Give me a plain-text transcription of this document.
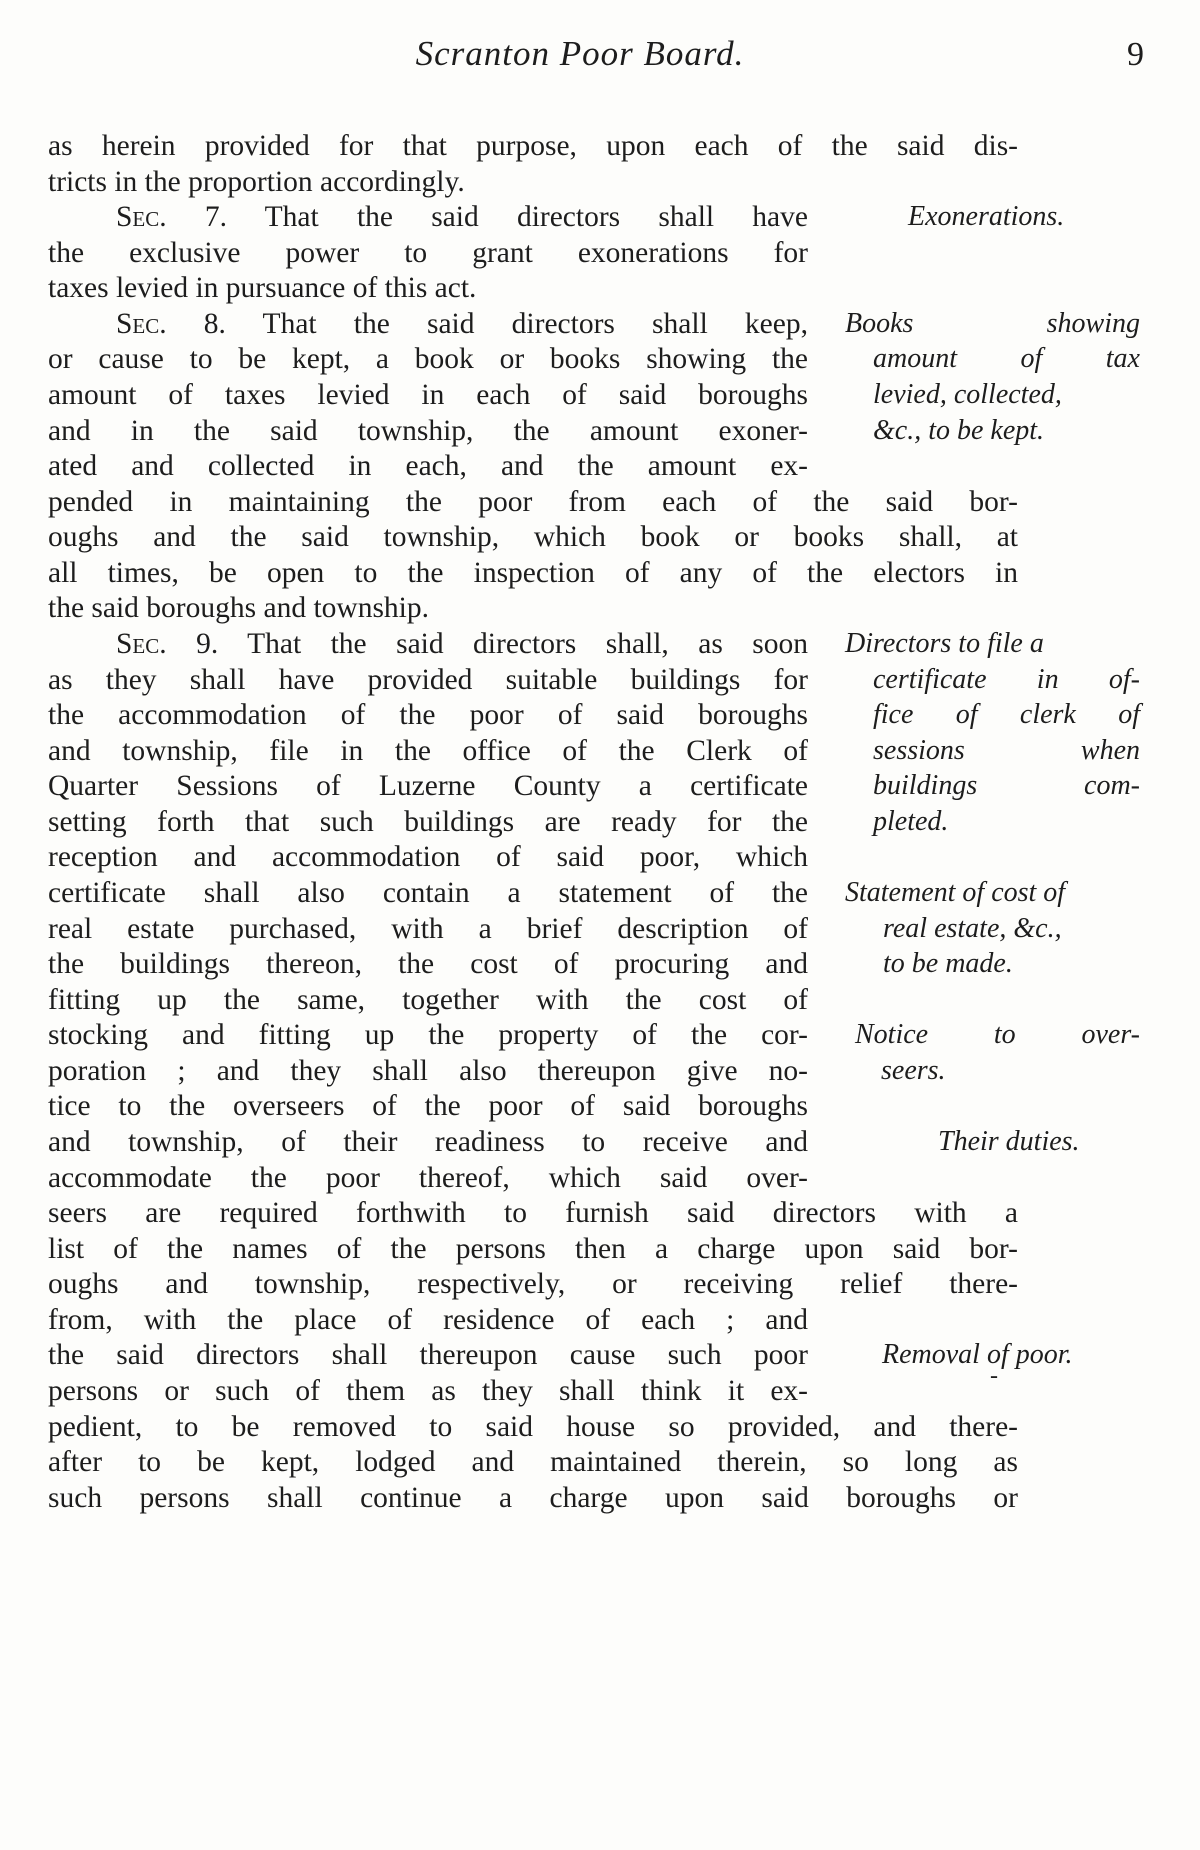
Scranton Poor Board.	9
as herein provided for that purpose, upon each of the said dis-
tricts in the proportion accordingly.
Sec. 7. That the said directors shall have
the exclusive power to grant exonerations for
taxes levied in pursuance of this act.
Sec. 8. That the said directors shall keep,
or cause to be kept, a book or books showing the
amount of taxes levied in each of said boroughs
and in the said township, the amount exoner-
ated and collected in each, and the amount ex-
pended in maintaining the poor from each of the said bor-
oughs and the said township, which book or books shall, at
all times, be open to the inspection of any of the electors in
the said boroughs and township.
Sec. 9. That the said directors shall, as soon
as they shall have provided suitable buildings for
the accommodation of the poor of said boroughs
and township, file in the office of the Clerk of
Quarter Sessions of Luzerne County a certificate
setting forth that such buildings are ready for the
reception and accommodation of said poor, which
certificate shall also contain a statement of the
real estate purchased, with a brief description of
the buildings thereon, the cost of procuring and
fitting up the same, together with the cost of
stocking and fitting up the property of the cor-
poration ; and they shall also thereupon give no-
tice to the overseers of the poor of said boroughs
and township, of their readiness to receive and
accommodate the poor thereof, which said over-
seers are required forthwith to furnish said directors with a
list of the names of the persons then a charge upon said bor-
oughs and township, respectively, or receiving relief there-
from, with the place of residence of each ; and
the said directors shall thereupon cause such poor
persons or such of them as they shall think it ex-
pedient, to be removed to said house so provided, and there-
after to be kept, lodged and maintained therein, so long as
such persons shall continue a charge upon said boroughs or
Exonerations.
Books showing
amount of tax
levied, collected,
&c., to be kept.
Directors to file a
certificate in of-
fice of clerk of
sessions when
buildings com-
pleted.
Statement of cost of
real estate, &c.,
to be made.
Notice to over-
seers.
Their duties.
-
Removal of poor.
